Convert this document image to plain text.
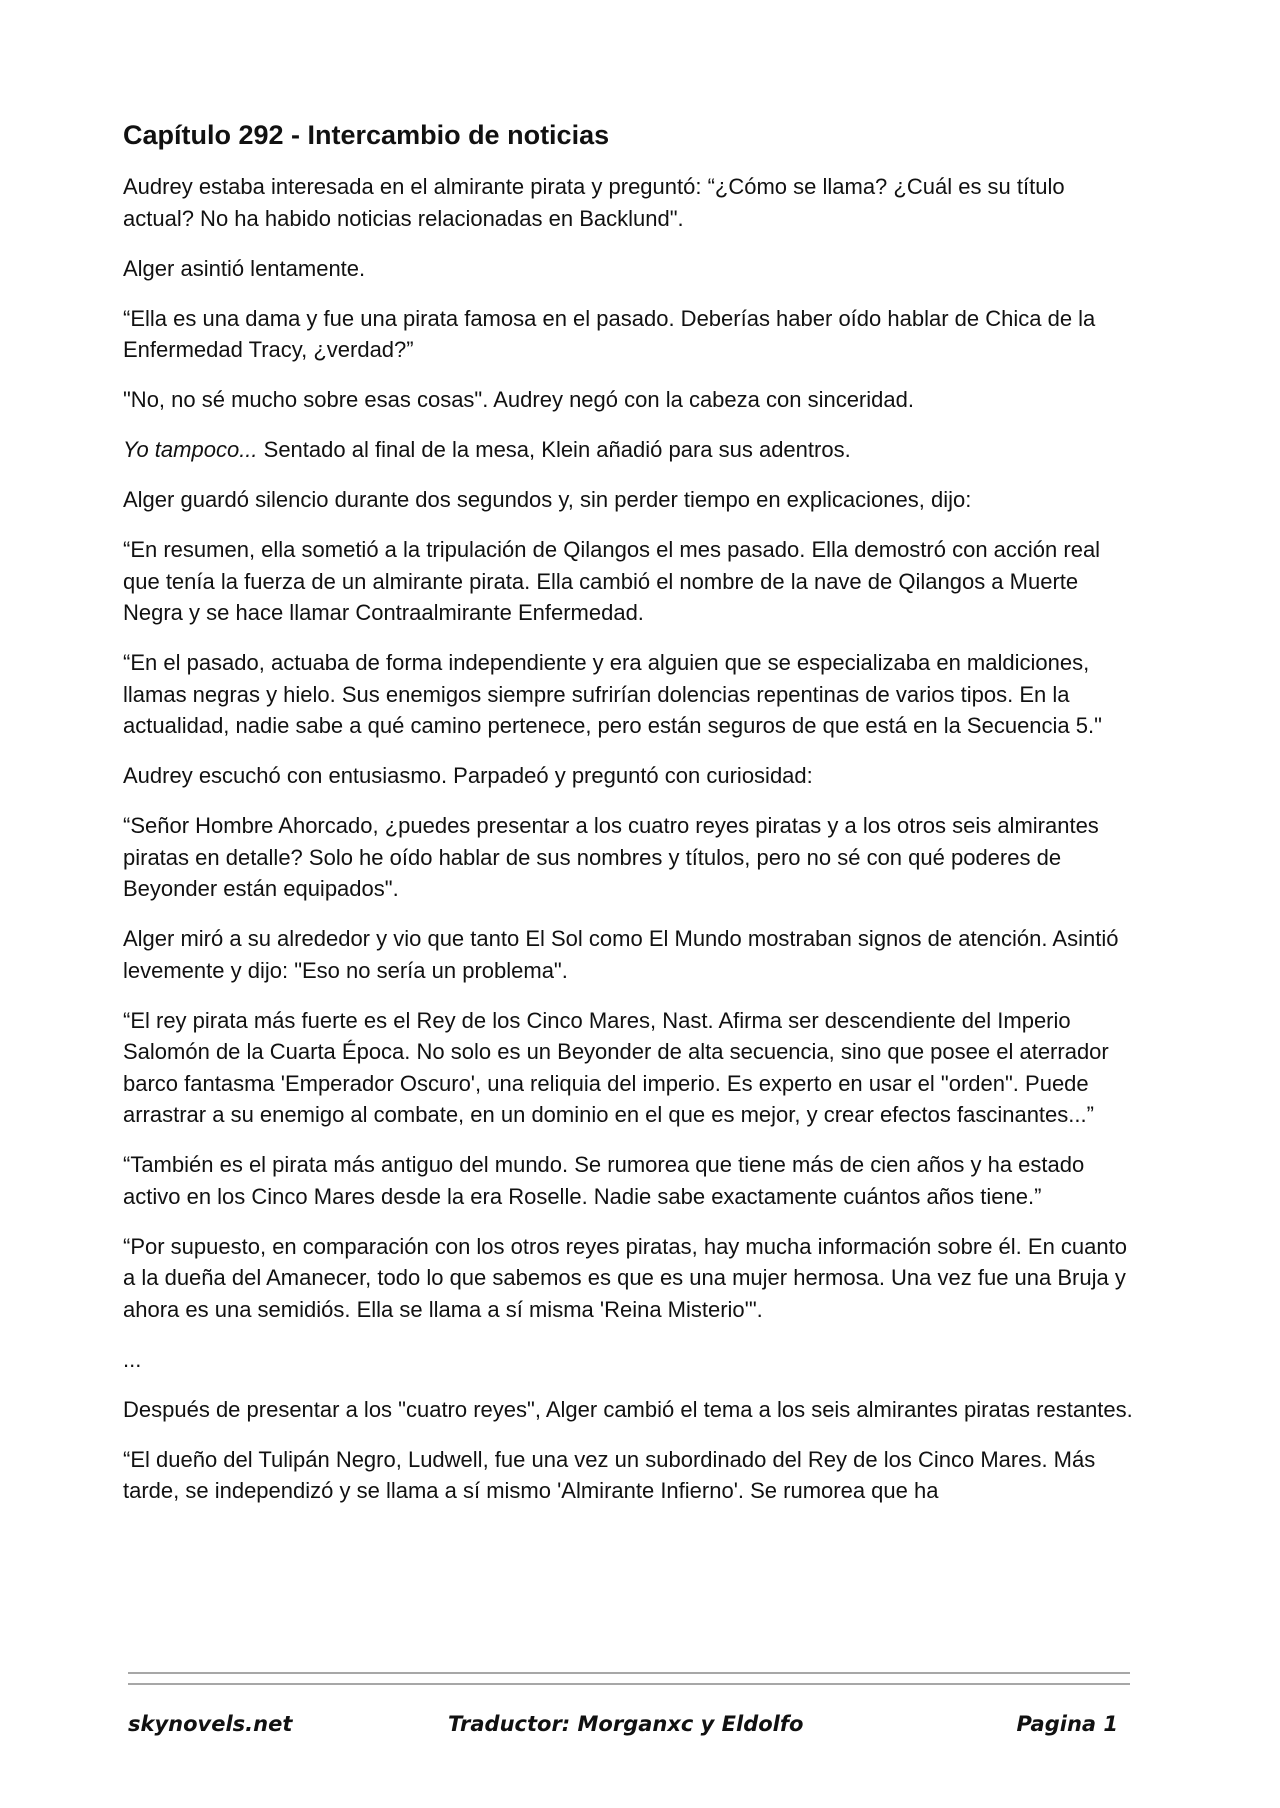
Capítulo 292 - Intercambio de noticias

Audrey estaba interesada en el almirante pirata y preguntó: “¿Cómo se llama? ¿Cuál es su título actual? No ha habido noticias relacionadas en Backlund".

Alger asintió lentamente.

“Ella es una dama y fue una pirata famosa en el pasado. Deberías haber oído hablar de Chica de la Enfermedad Tracy, ¿verdad?”

"No, no sé mucho sobre esas cosas". Audrey negó con la cabeza con sinceridad.

Yo tampoco... Sentado al final de la mesa, Klein añadió para sus adentros.

Alger guardó silencio durante dos segundos y, sin perder tiempo en explicaciones, dijo:

“En resumen, ella sometió a la tripulación de Qilangos el mes pasado. Ella demostró con acción real que tenía la fuerza de un almirante pirata. Ella cambió el nombre de la nave de Qilangos a Muerte Negra y se hace llamar Contraalmirante Enfermedad.

“En el pasado, actuaba de forma independiente y era alguien que se especializaba en maldiciones, llamas negras y hielo. Sus enemigos siempre sufrirían dolencias repentinas de varios tipos. En la actualidad, nadie sabe a qué camino pertenece, pero están seguros de que está en la Secuencia 5."

Audrey escuchó con entusiasmo. Parpadeó y preguntó con curiosidad:

“Señor Hombre Ahorcado, ¿puedes presentar a los cuatro reyes piratas y a los otros seis almirantes piratas en detalle? Solo he oído hablar de sus nombres y títulos, pero no sé con qué poderes de Beyonder están equipados".

Alger miró a su alrededor y vio que tanto El Sol como El Mundo mostraban signos de atención. Asintió levemente y dijo: "Eso no sería un problema".

“El rey pirata más fuerte es el Rey de los Cinco Mares, Nast. Afirma ser descendiente del Imperio Salomón de la Cuarta Época. No solo es un Beyonder de alta secuencia, sino que posee el aterrador barco fantasma 'Emperador Oscuro', una reliquia del imperio. Es experto en usar el "orden". Puede arrastrar a su enemigo al combate, en un dominio en el que es mejor, y crear efectos fascinantes...”

“También es el pirata más antiguo del mundo. Se rumorea que tiene más de cien años y ha estado activo en los Cinco Mares desde la era Roselle. Nadie sabe exactamente cuántos años tiene.”

“Por supuesto, en comparación con los otros reyes piratas, hay mucha información sobre él. En cuanto a la dueña del Amanecer, todo lo que sabemos es que es una mujer hermosa. Una vez fue una Bruja y ahora es una semidiós. Ella se llama a sí misma 'Reina Misterio'".

...

Después de presentar a los "cuatro reyes", Alger cambió el tema a los seis almirantes piratas restantes.

“El dueño del Tulipán Negro, Ludwell, fue una vez un subordinado del Rey de los Cinco Mares. Más tarde, se independizó y se llama a sí mismo 'Almirante Infierno'. Se rumorea que ha

skynovels.net	Traductor: Morganxc y Eldolfo	Pagina 1
